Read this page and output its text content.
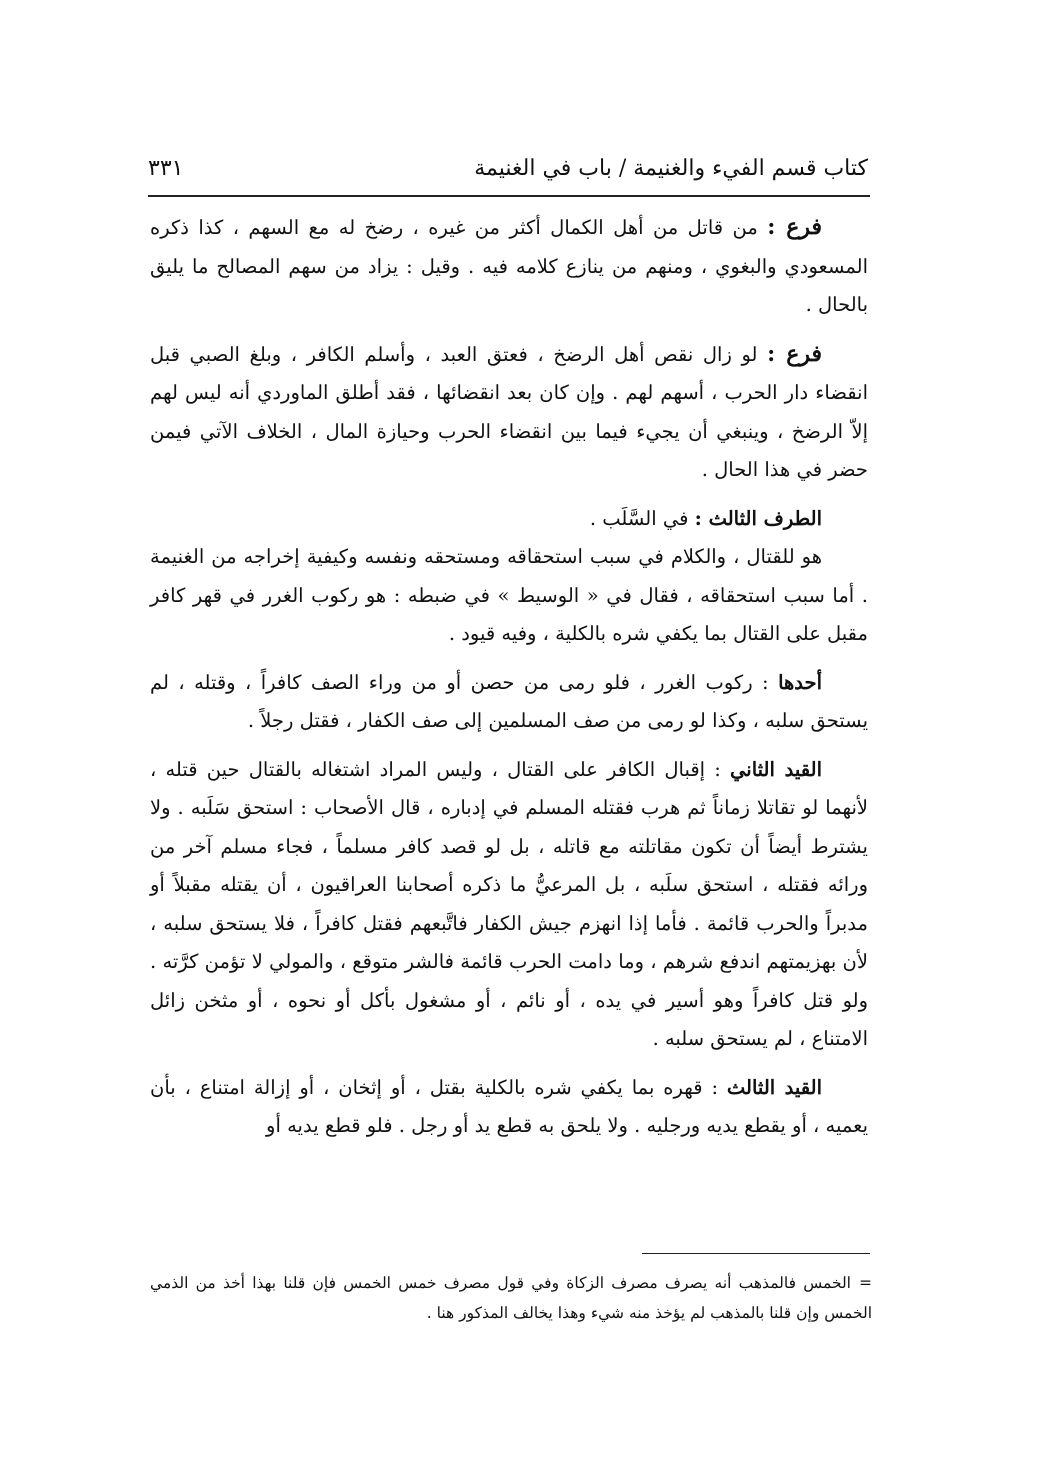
كتاب قسم الفيء والغنيمة / باب في الغنيمة
٣٣١

فرع : من قاتل من أهل الكمال أكثر من غيره ، رضخ له مع السهم ، كذا ذكره المسعودي والبغوي ، ومنهم من ينازع كلامه فيه . وقيل : يزاد من سهم المصالح ما يليق بالحال .

فرع : لو زال نقص أهل الرضخ ، فعتق العبد ، وأسلم الكافر ، وبلغ الصبي قبل انقضاء دار الحرب ، أسهم لهم . وإن كان بعد انقضائها ، فقد أطلق الماوردي أنه ليس لهم إلاّ الرضخ ، وينبغي أن يجيء فيما بين انقضاء الحرب وحيازة المال ، الخلاف الآتي فيمن حضر في هذا الحال .

الطرف الثالث : في السَّلَب .

هو للقتال ، والكلام في سبب استحقاقه ومستحقه ونفسه وكيفية إخراجه من الغنيمة . أما سبب استحقاقه ، فقال في « الوسيط » في ضبطه : هو ركوب الغرر في قهر كافر مقبل على القتال بما يكفي شره بالكلية ، وفيه قيود .

أحدها : ركوب الغرر ، فلو رمى من حصن أو من وراء الصف كافراً ، وقتله ، لم يستحق سلبه ، وكذا لو رمى من صف المسلمين إلى صف الكفار ، فقتل رجلاً .

القيد الثاني : إقبال الكافر على القتال ، وليس المراد اشتغاله بالقتال حين قتله ، لأنهما لو تقاتلا زماناً ثم هرب فقتله المسلم في إدباره ، قال الأصحاب : استحق سَلَبه . ولا يشترط أيضاً أن تكون مقاتلته مع قاتله ، بل لو قصد كافر مسلماً ، فجاء مسلم آخر من ورائه فقتله ، استحق سلَبه ، بل المرعيُّ ما ذكره أصحابنا العراقيون ، أن يقتله مقبلاً أو مدبراً والحرب قائمة . فأما إذا انهزم جيش الكفار فاتَّبعهم فقتل كافراً ، فلا يستحق سلبه ، لأن بهزيمتهم اندفع شرهم ، وما دامت الحرب قائمة فالشر متوقع ، والمولي لا تؤمن كرَّته . ولو قتل كافراً وهو أسير في يده ، أو نائم ، أو مشغول بأكل أو نحوه ، أو مثخن زائل الامتناع ، لم يستحق سلبه .

القيد الثالث : قهره بما يكفي شره بالكلية بقتل ، أو إثخان ، أو إزالة امتناع ، بأن يعميه ، أو يقطع يديه ورجليه . ولا يلحق به قطع يد أو رجل . فلو قطع يديه أو

=الخمس فالمذهب أنه يصرف مصرف الزكاة وفي قول مصرف خمس الخمس فإن قلنا بهذا أخذ من الذمي الخمس وإن قلنا بالمذهب لم يؤخذ منه شيء وهذا يخالف المذكور هنا .
